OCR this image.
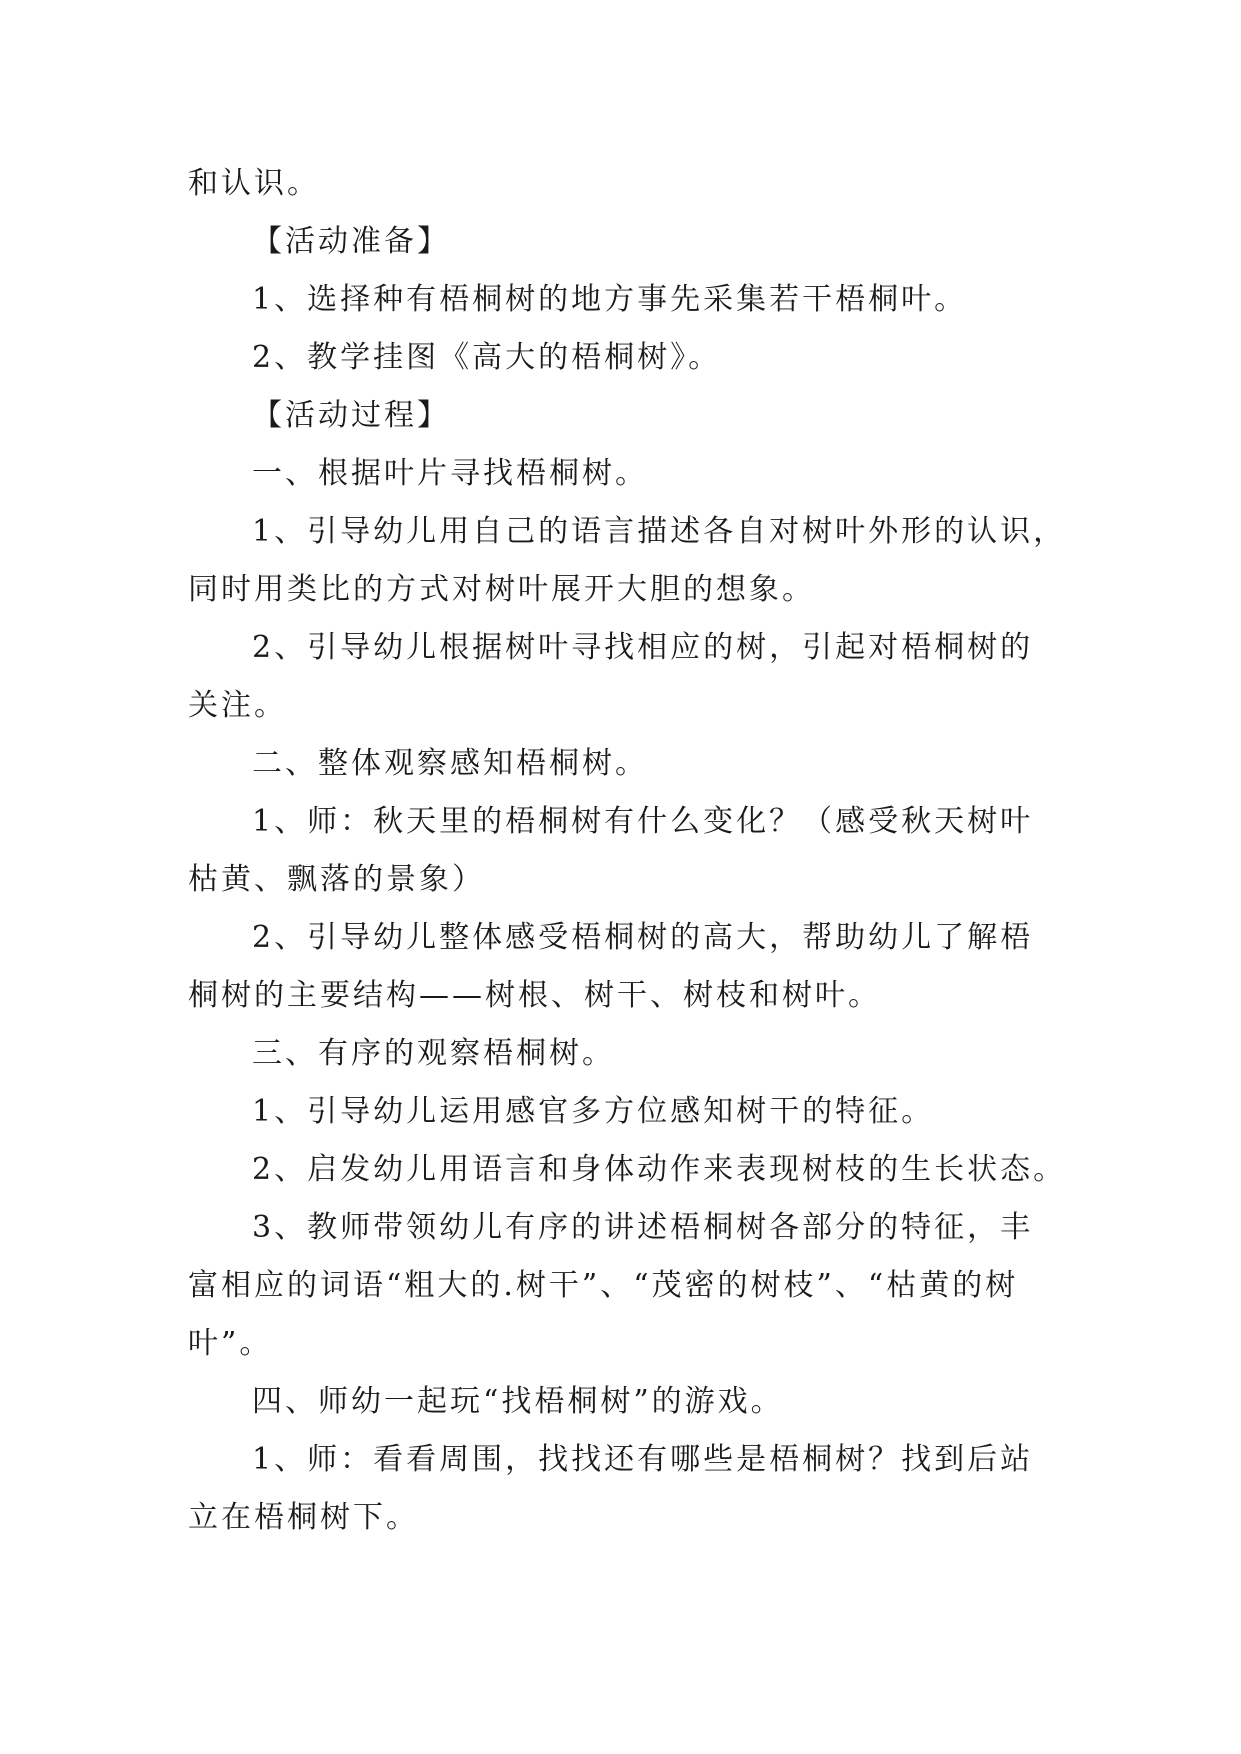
和认识。
【活动准备】
1、选择种有梧桐树的地方事先采集若干梧桐叶。
2、教学挂图《高大的梧桐树》。
【活动过程】
一、根据叶片寻找梧桐树。
1、引导幼儿用自己的语言描述各自对树叶外形的认识，
同时用类比的方式对树叶展开大胆的想象。
2、引导幼儿根据树叶寻找相应的树，引起对梧桐树的
关注。
二、整体观察感知梧桐树。
1、师：秋天里的梧桐树有什么变化？（感受秋天树叶
枯黄、飘落的景象）
2、引导幼儿整体感受梧桐树的高大，帮助幼儿了解梧
桐树的主要结构——树根、树干、树枝和树叶。
三、有序的观察梧桐树。
1、引导幼儿运用感官多方位感知树干的特征。
2、启发幼儿用语言和身体动作来表现树枝的生长状态。
3、教师带领幼儿有序的讲述梧桐树各部分的特征，丰
富相应的词语“粗大的.树干”、“茂密的树枝”、“枯黄的树
叶”。
四、师幼一起玩“找梧桐树”的游戏。
1、师：看看周围，找找还有哪些是梧桐树？找到后站
立在梧桐树下。
